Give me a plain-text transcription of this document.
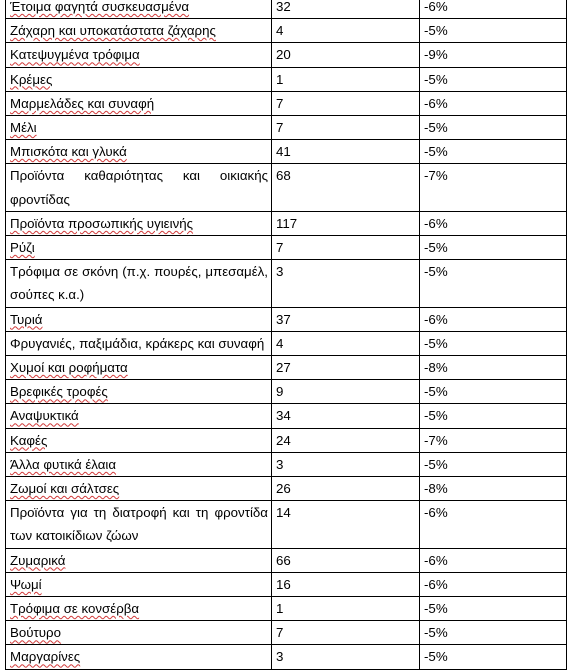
Έτοιμα φαγητά συσκευασμένα	32	-6%
Ζάχαρη και υποκατάστατα ζάχαρης	4	-5%
Κατεψυγμένα τρόφιμα	20	-9%
Κρέμες	1	-5%
Μαρμελάδες και συναφή	7	-6%
Μέλι	7	-5%
Μπισκότα και γλυκά	41	-5%
Προϊόντα καθαριότητας και οικιακής φροντίδας	68	-7%
Προϊόντα προσωπικής υγιεινής	117	-6%
Ρύζι	7	-5%
Τρόφιμα σε σκόνη (π.χ. πουρές, μπεσαμέλ, σούπες κ.α.)	3	-5%
Τυριά	37	-6%
Φρυγανιές, παξιμάδια, κράκερς και συναφή	4	-5%
Χυμοί και ροφήματα	27	-8%
Βρεφικές τροφές	9	-5%
Αναψυκτικά	34	-5%
Καφές	24	-7%
Άλλα φυτικά έλαια	3	-5%
Ζωμοί και σάλτσες	26	-8%
Προϊόντα για τη διατροφή και τη φροντίδα των κατοικίδιων ζώων	14	-6%
Ζυμαρικά	66	-6%
Ψωμί	16	-6%
Τρόφιμα σε κονσέρβα	1	-5%
Βούτυρο	7	-5%
Μαργαρίνες	3	-5%
